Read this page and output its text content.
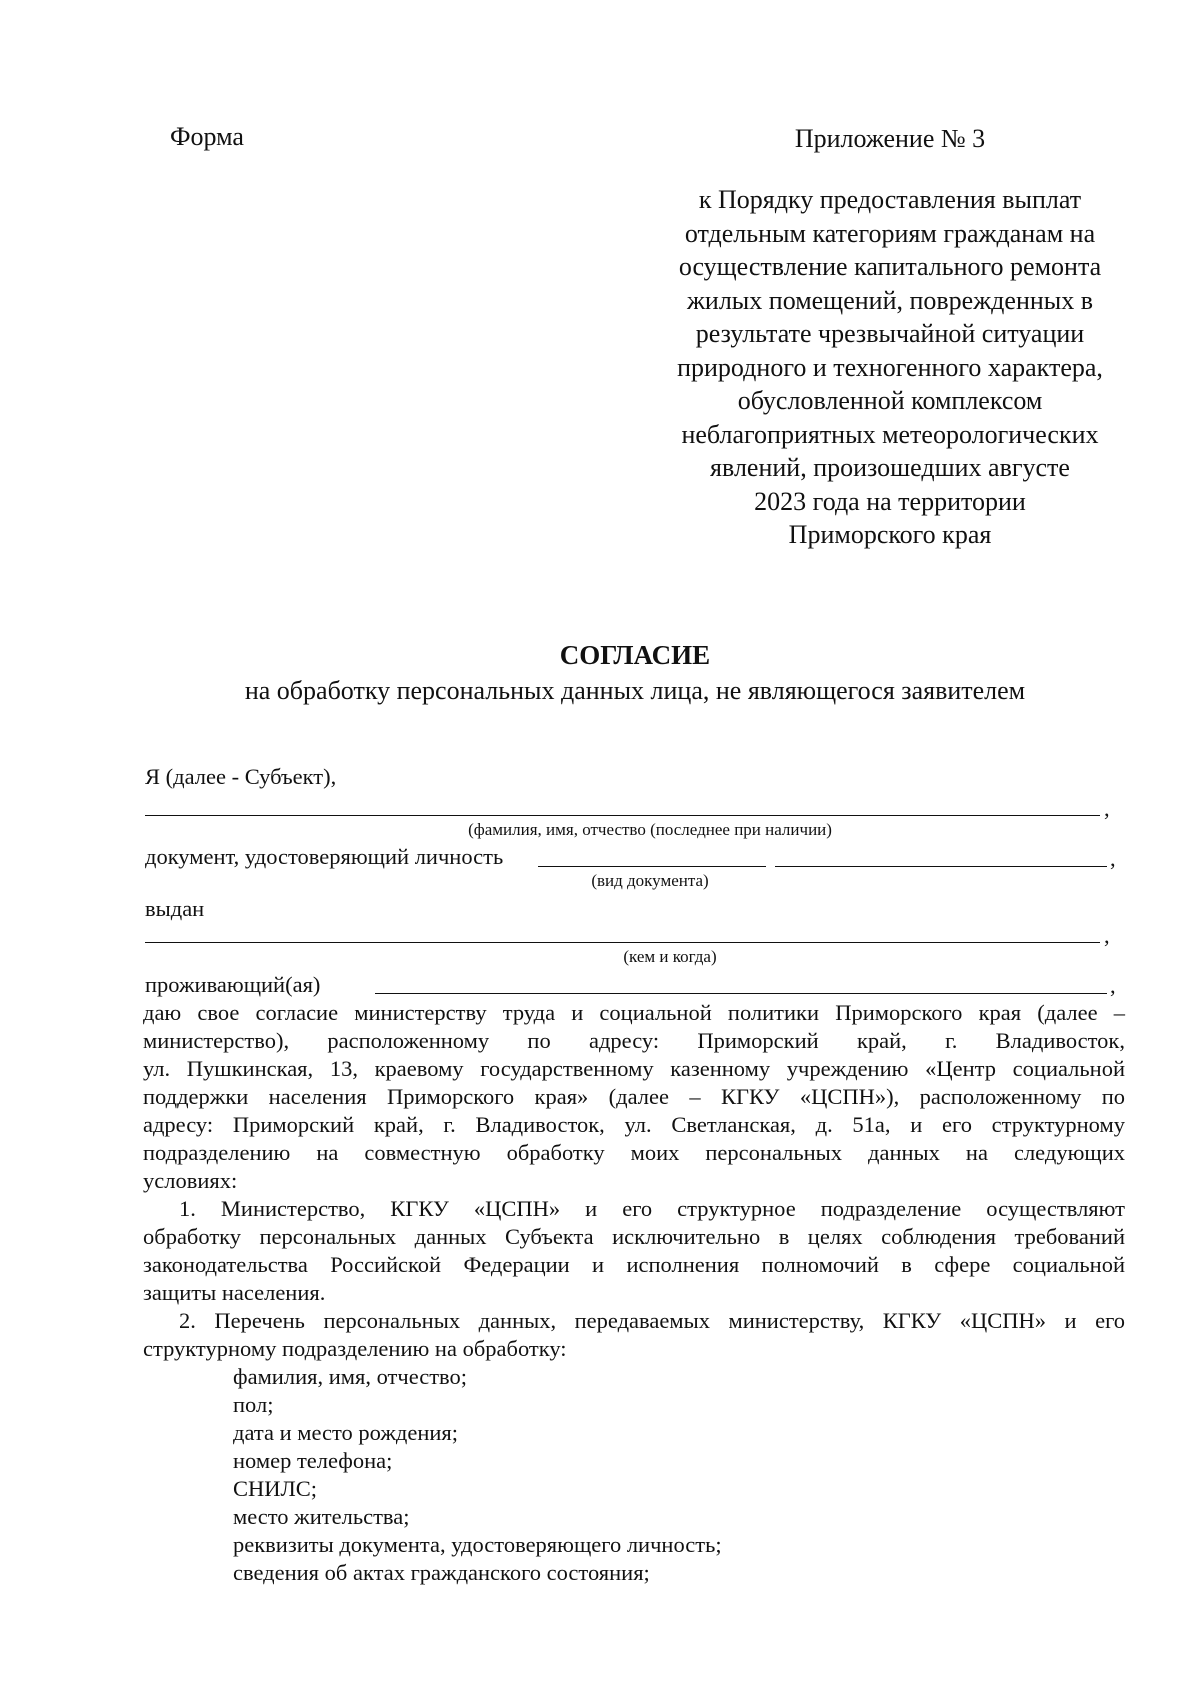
Форма	Приложение № 3
к Порядку предоставления выплат
отдельным категориям гражданам на
осуществление капитального ремонта
жилых помещений, поврежденных в
результате чрезвычайной ситуации
природного и техногенного характера,
обусловленной комплексом
неблагоприятных метеорологических
явлений, произошедших августе
2023 года на территории
Приморского края
СОГЛАСИЕ
на обработку персональных данных лица, не являющегося заявителем
Я (далее - Субъект),
,
(фамилия, имя, отчество (последнее при наличии)
документ, удостоверяющий личность	,
(вид документа)
выдан
,
(кем и когда)
проживающий(ая)	,
даю свое согласие министерству труда и социальной политики Приморского края (далее –
министерство), расположенному по адресу: Приморский край, г. Владивосток,
ул. Пушкинская, 13, краевому государственному казенному учреждению «Центр социальной
поддержки населения Приморского края» (далее – КГКУ «ЦСПН»), расположенному по
адресу: Приморский край, г. Владивосток, ул. Светланская, д. 51а, и его структурному
подразделению на совместную обработку моих персональных данных на следующих
условиях:
1. Министерство, КГКУ «ЦСПН» и его структурное подразделение осуществляют
обработку персональных данных Субъекта исключительно в целях соблюдения требований
законодательства Российской Федерации и исполнения полномочий в сфере социальной
защиты населения.
2. Перечень персональных данных, передаваемых министерству, КГКУ «ЦСПН» и его
структурному подразделению на обработку:
фамилия, имя, отчество;
пол;
дата и место рождения;
номер телефона;
СНИЛС;
место жительства;
реквизиты документа, удостоверяющего личность;
сведения об актах гражданского состояния;
